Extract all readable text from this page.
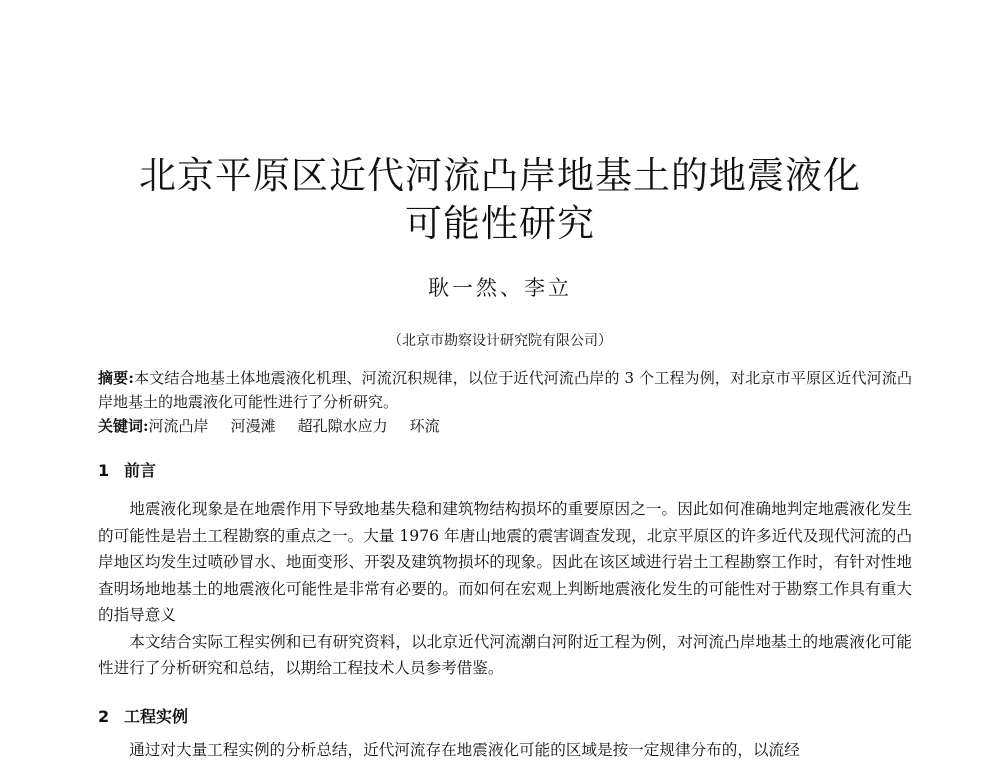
北京平原区近代河流凸岸地基土的地震液化
可能性研究
耿一然、李立
（北京市勘察设计研究院有限公司）

摘要:本文结合地基土体地震液化机理、河流沉积规律，以位于近代河流凸岸的 3 个工程为例，对北京市平原区近代河流凸岸地基土的地震液化可能性进行了分析研究。

关键词:河流凸岸 河漫滩 超孔隙水应力 环流

1 前言

地震液化现象是在地震作用下导致地基失稳和建筑物结构损坏的重要原因之一。因此如何准确地判定地震液化发生的可能性是岩土工程勘察的重点之一。大量 1976 年唐山地震的震害调查发现，北京平原区的许多近代及现代河流的凸岸地区均发生过喷砂冒水、地面变形、开裂及建筑物损坏的现象。因此在该区域进行岩土工程勘察工作时，有针对性地查明场地地基土的地震液化可能性是非常有必要的。而如何在宏观上判断地震液化发生的可能性对于勘察工作具有重大的指导意义

本文结合实际工程实例和已有研究资料，以北京近代河流潮白河附近工程为例，对河流凸岸地基土的地震液化可能性进行了分析研究和总结，以期给工程技术人员参考借鉴。

2 工程实例

通过对大量工程实例的分析总结，近代河流存在地震液化可能的区域是按一定规律分布的，以流经
